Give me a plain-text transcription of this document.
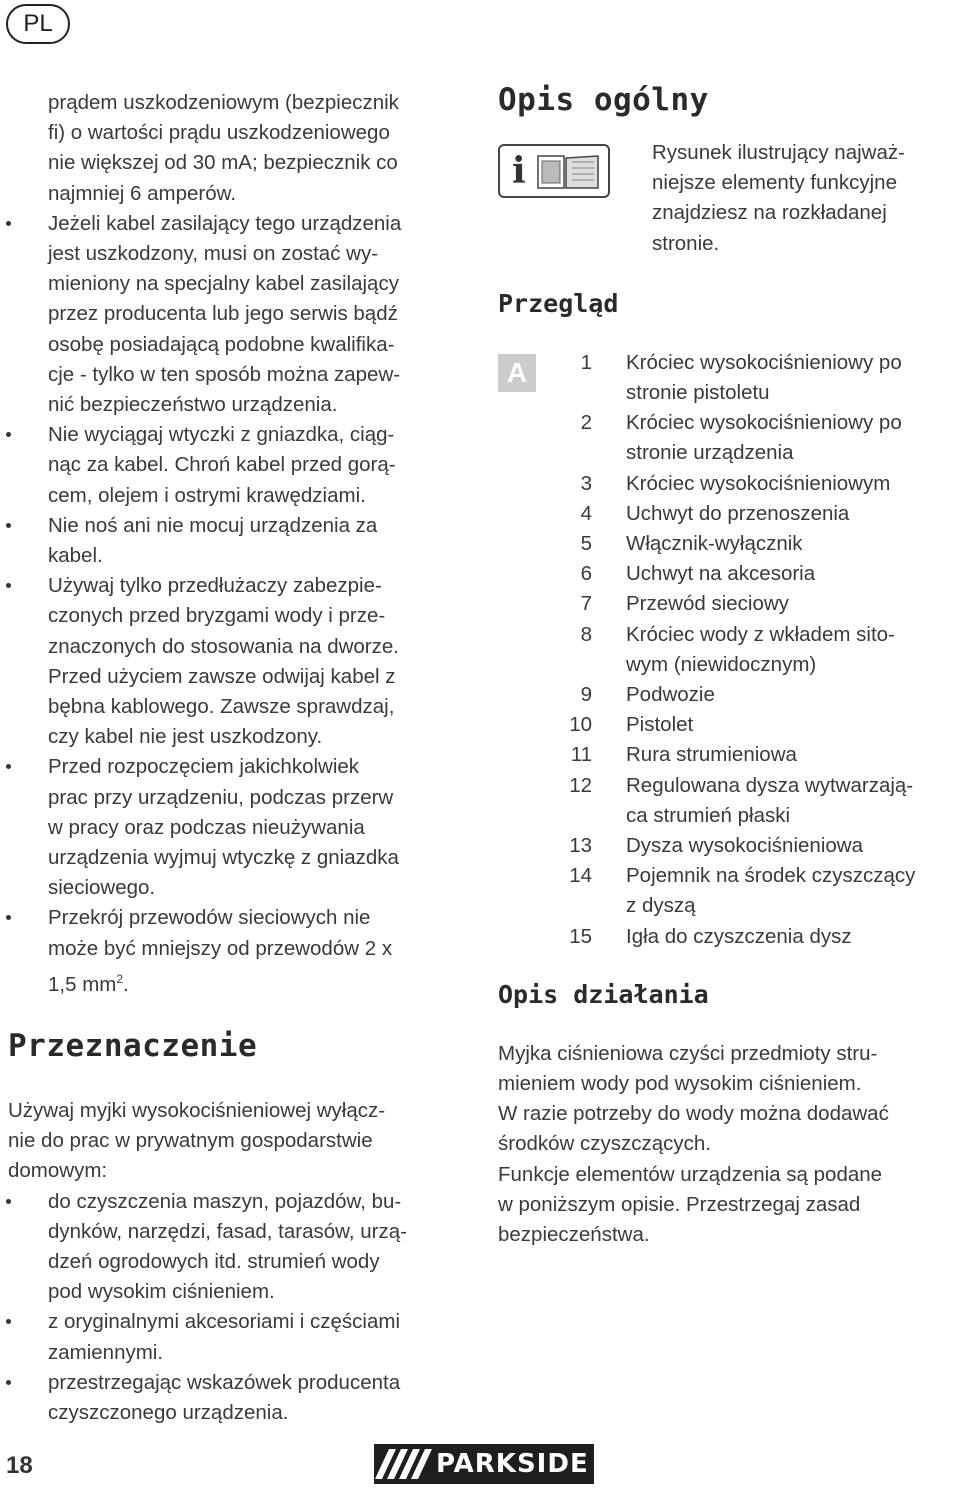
PL
prądem uszkodzeniowym (bezpiecznik
fi) o wartości prądu uszkodzeniowego
nie większej od 30 mA; bezpiecznik co
najmniej 6 amperów.
Jeżeli kabel zasilający tego urządzenia
jest uszkodzony, musi on zostać wy-
mieniony na specjalny kabel zasilający
przez producenta lub jego serwis bądź
osobę posiadającą podobne kwalifika-
cje - tylko w ten sposób można zapew-
nić bezpieczeństwo urządzenia.
Nie wyciągaj wtyczki z gniazdka, ciąg-
nąc za kabel. Chroń kabel przed gorą-
cem, olejem i ostrymi krawędziami.
Nie noś ani nie mocuj urządzenia za
kabel.
Używaj tylko przedłużaczy zabezpie-
czonych przed bryzgami wody i prze-
znaczonych do stosowania na dworze.
Przed użyciem zawsze odwijaj kabel z
bębna kablowego. Zawsze sprawdzaj,
czy kabel nie jest uszkodzony.
Przed rozpoczęciem jakichkolwiek
prac przy urządzeniu, podczas przerw
w pracy oraz podczas nieużywania
urządzenia wyjmuj wtyczkę z gniazdka
sieciowego.
Przekrój przewodów sieciowych nie
może być mniejszy od przewodów 2 x
1,5 $mm^2$.
Przeznaczenie
Używaj myjki wysokociśnieniowej wyłącz-
nie do prac w prywatnym gospodarstwie
domowym:
do czyszczenia maszyn, pojazdów, bu-
dynków, narzędzi, fasad, tarasów, urzą-
dzeń ogrodowych itd. strumień wody
pod wysokim ciśnieniem.
z oryginalnymi akcesoriami i częściami
zamiennymi.
przestrzegając wskazówek producenta
czyszczonego urządzenia.
Opis ogólny
i	Rysunek ilustrujący najważ-
niejsze elementy funkcyjne
znajdziesz na rozkładanej
stronie.
Przegląd
A	1	Króciec wysokociśnieniowy po
stronie pistoletu

2	Króciec wysokociśnieniowy po
stronie urządzenia

3	Króciec wysokociśnieniowym

4	Uchwyt do przenoszenia

5	Włącznik-wyłącznik

6	Uchwyt na akcesoria

7	Przewód sieciowy

8	Króciec wody z wkładem sito-
wym (niewidocznym)

9	Podwozie

10	Pistolet

11	Rura strumieniowa

12	Regulowana dysza wytwarzają-
ca strumień płaski

13	Dysza wysokociśnieniowa

14	Pojemnik na środek czyszczący
z dyszą

15	Igła do czyszczenia dysz
Opis działania
Myjka ciśnieniowa czyści przedmioty stru-
mieniem wody pod wysokim ciśnieniem.
W razie potrzeby do wody można dodawać
środków czyszczących.
Funkcje elementów urządzenia są podane
w poniższym opisie. Przestrzegaj zasad
bezpieczeństwa.
18	PARKSIDE
